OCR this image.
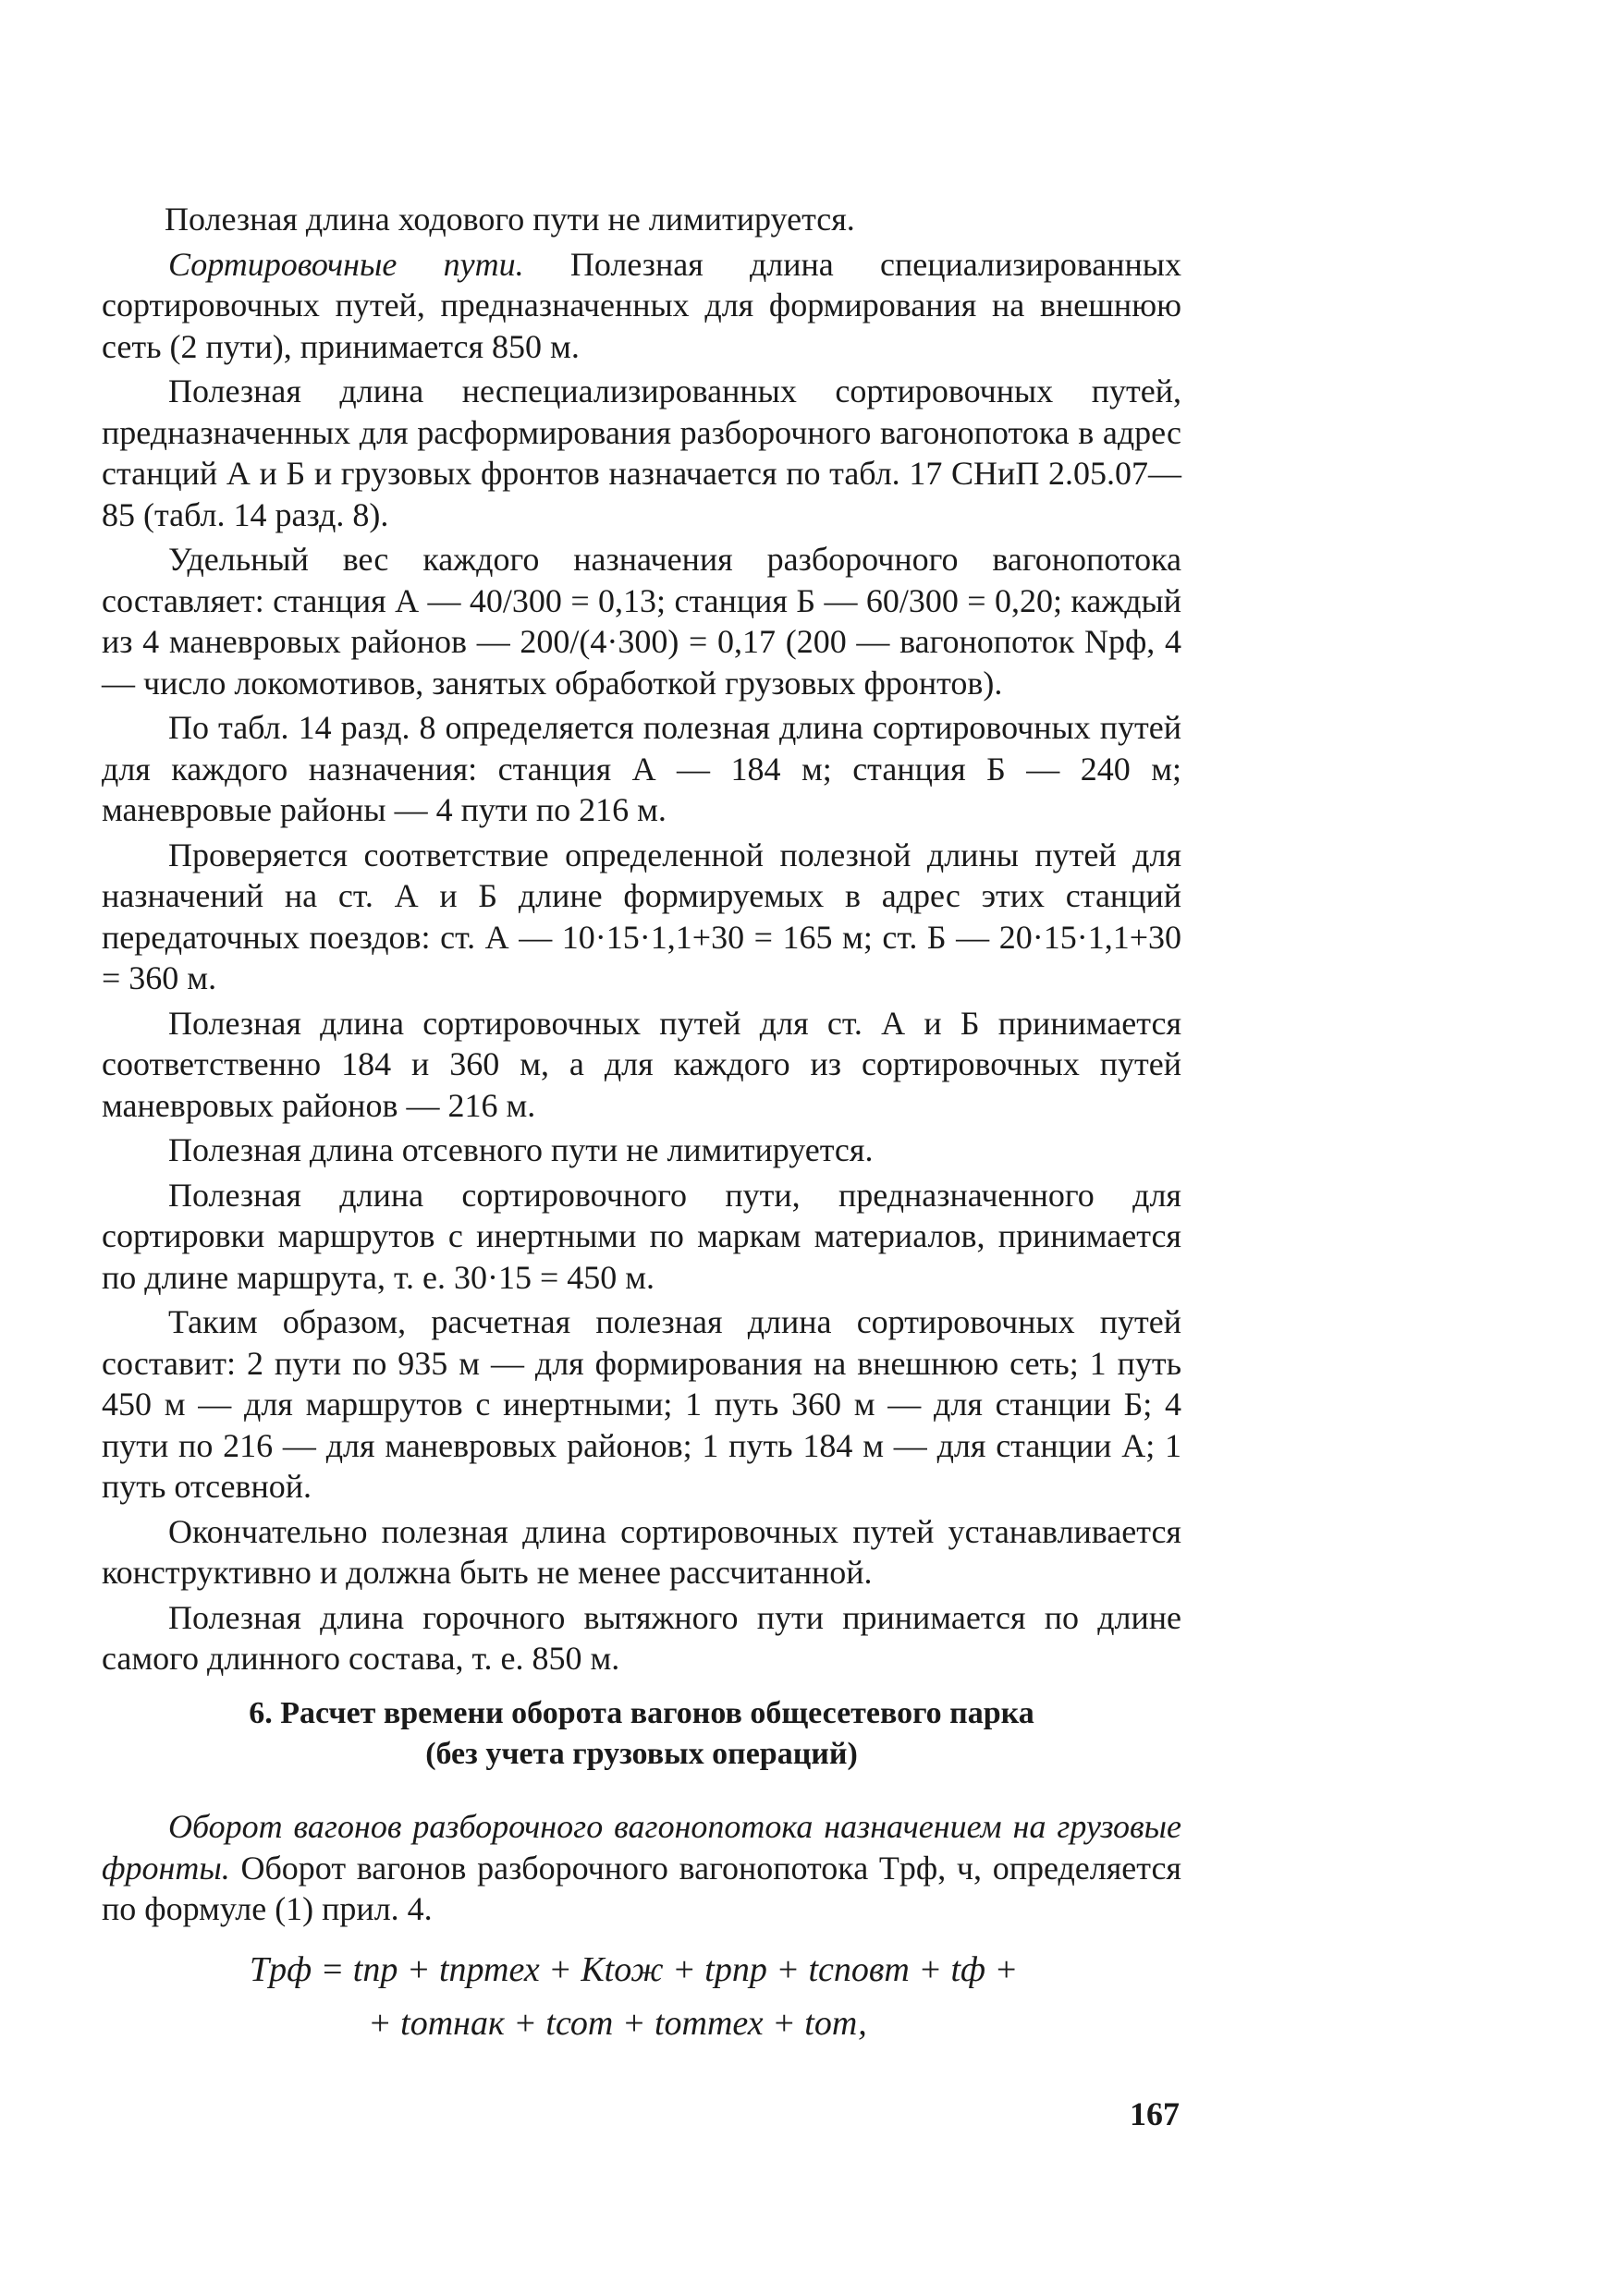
Полезная длина ходового пути не лимитируется.

Сортировочные пути. Полезная длина специализированных сортировочных путей, предназначенных для формирования на внешнюю сеть (2 пути), принимается 850 м.

Полезная длина неспециализированных сортировочных путей, предназначенных для расформирования разборочного вагонопотока в адрес станций А и Б и грузовых фронтов назначается по табл. 17 СНиП 2.05.07—85 (табл. 14 разд. 8).

Удельный вес каждого назначения разборочного вагонопотока составляет: станция А — 40/300 = 0,13; станция Б — 60/300 = 0,20; каждый из 4 маневровых районов — 200/(4·300) = 0,17 (200 — вагонопоток Nрф, 4 — число локомотивов, занятых обработкой грузовых фронтов).

По табл. 14 разд. 8 определяется полезная длина сортировочных путей для каждого назначения: станция А — 184 м; станция Б — 240 м; маневровые районы — 4 пути по 216 м.

Проверяется соответствие определенной полезной длины путей для назначений на ст. А и Б длине формируемых в адрес этих станций передаточных поездов: ст. А — 10·15·1,1+30 = 165 м; ст. Б — 20·15·1,1+30 = 360 м.

Полезная длина сортировочных путей для ст. А и Б принимается соответственно 184 и 360 м, а для каждого из сортировочных путей маневровых районов — 216 м.

Полезная длина отсевного пути не лимитируется.

Полезная длина сортировочного пути, предназначенного для сортировки маршрутов с инертными по маркам материалов, принимается по длине маршрута, т. е. 30·15 = 450 м.

Таким образом, расчетная полезная длина сортировочных путей составит: 2 пути по 935 м — для формирования на внешнюю сеть; 1 путь 450 м — для маршрутов с инертными; 1 путь 360 м — для станции Б; 4 пути по 216 — для маневровых районов; 1 путь 184 м — для станции А; 1 путь отсевной.

Окончательно полезная длина сортировочных путей устанавливается конструктивно и должна быть не менее рассчитанной.

Полезная длина горочного вытяжного пути принимается по длине самого длинного состава, т. е. 850 м.

6. Расчет времени оборота вагонов общесетевого парка
(без учета грузовых операций)

Оборот вагонов разборочного вагонопотока назначением на грузовые фронты. Оборот вагонов разборочного вагонопотока Tрф, ч, определяется по формуле (1) прил. 4.

Tрф = tпр + tпртех + Ktож + tрпр + tсповт + tф +
+ tотнак + tсот + tоттех + tот,
167
